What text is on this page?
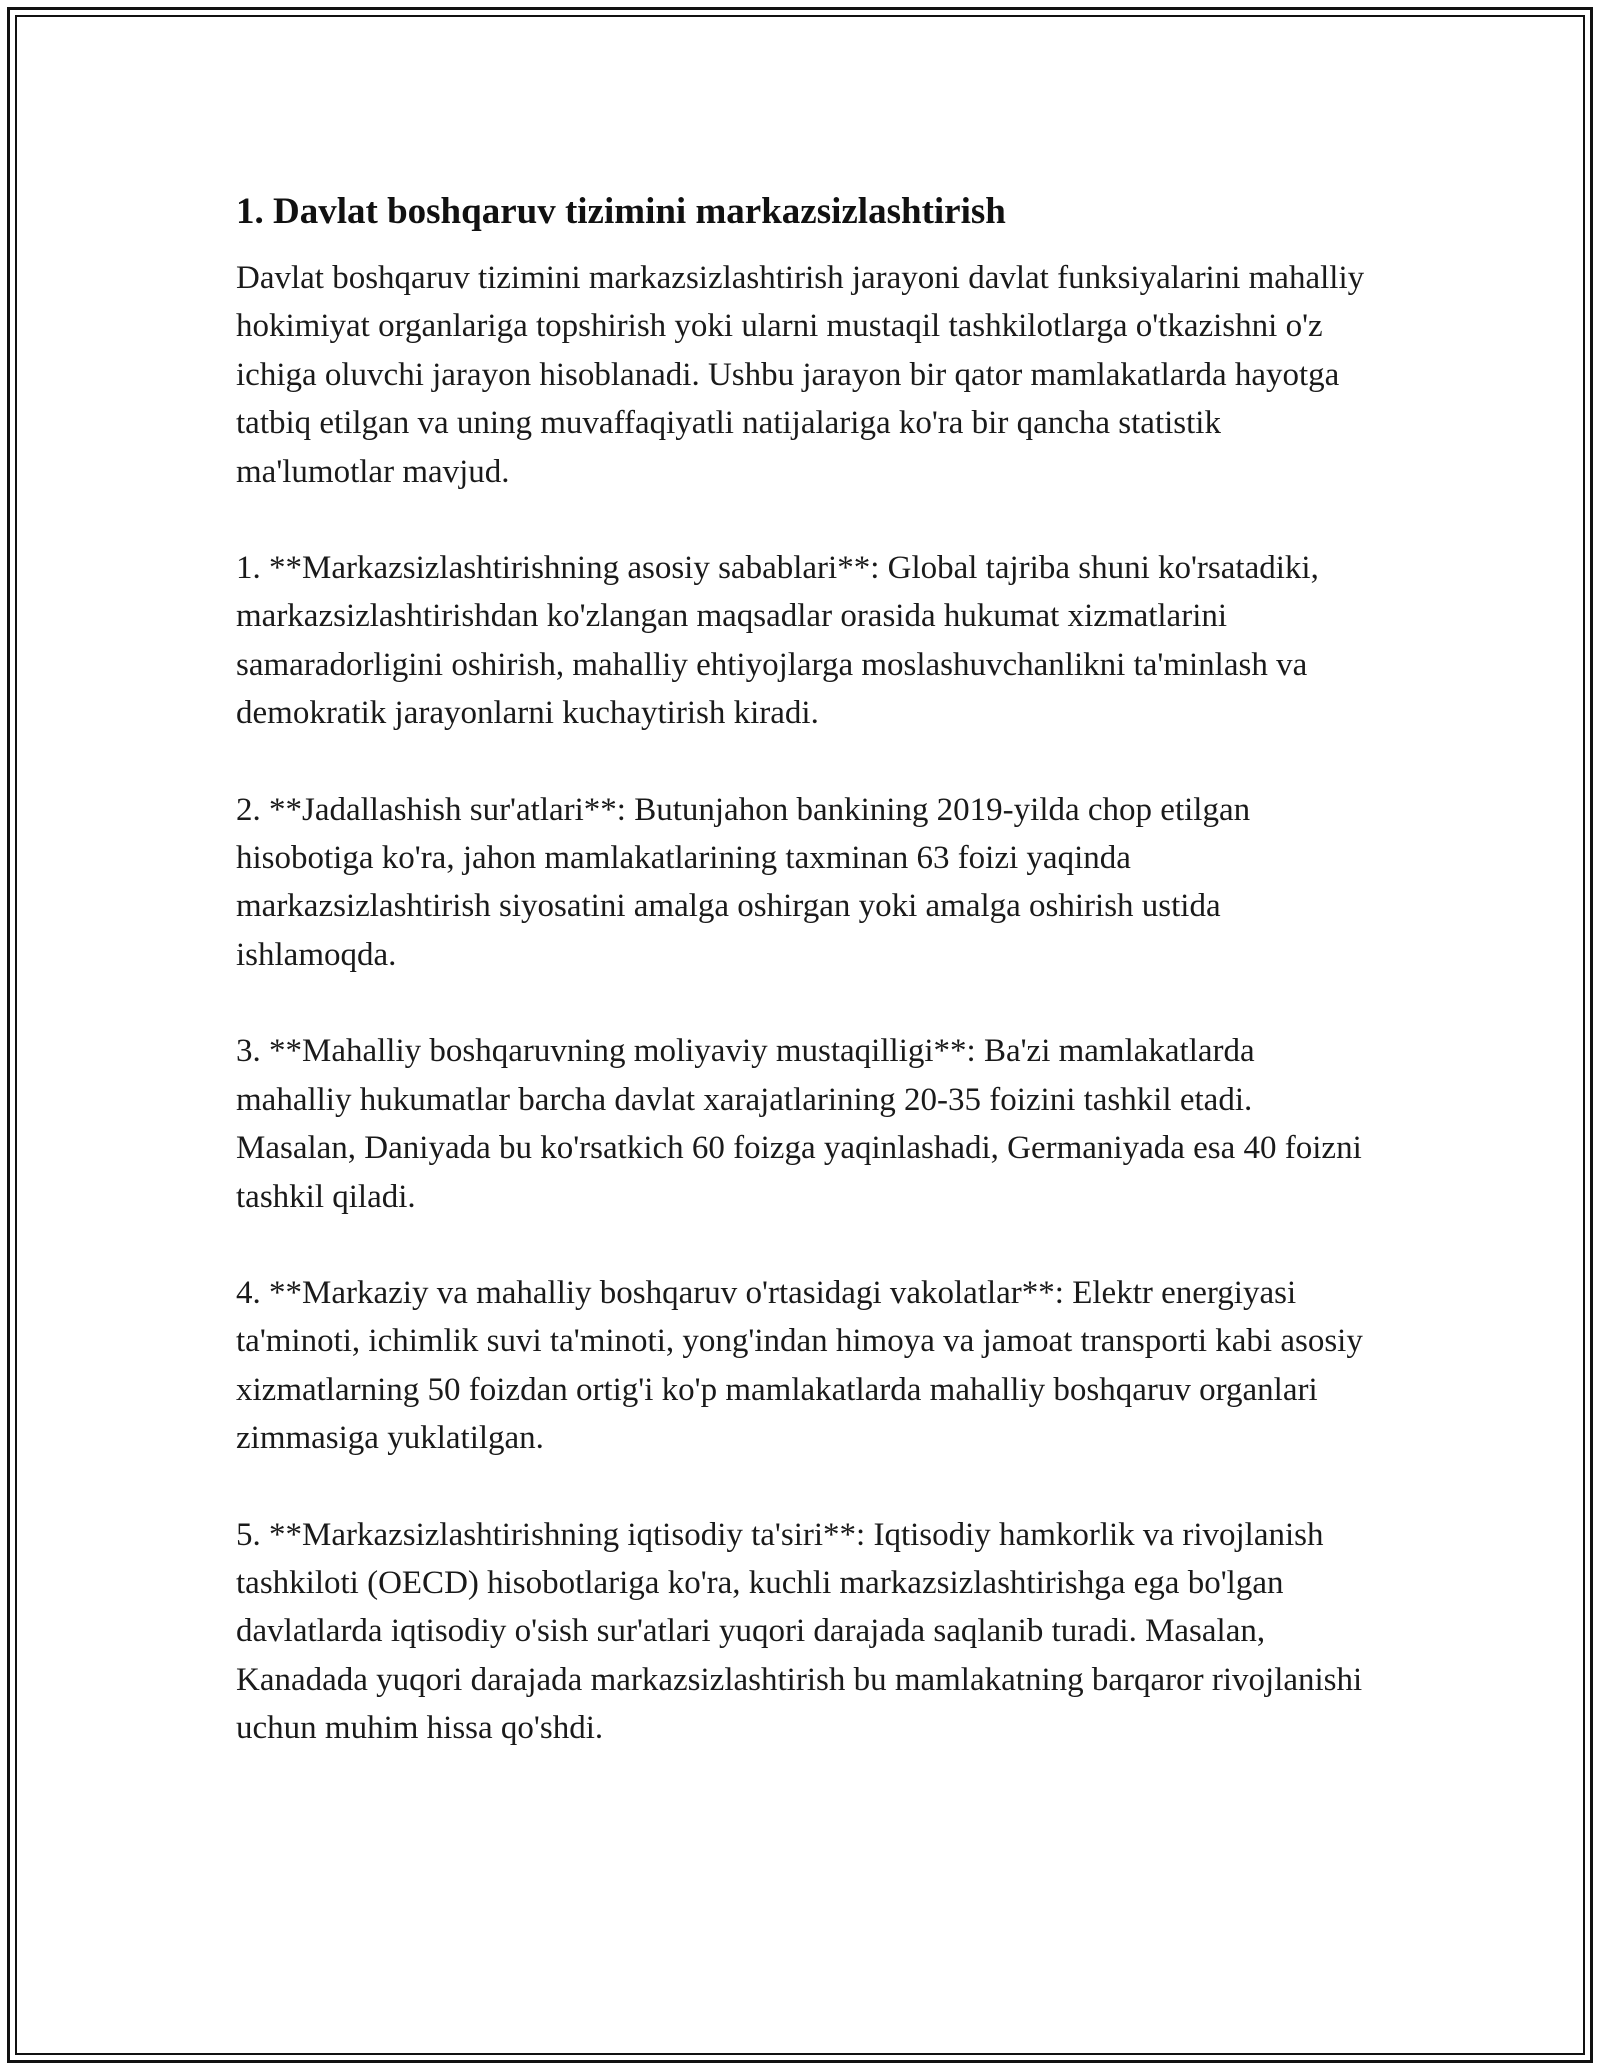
1. Davlat boshqaruv tizimini markazsizlashtirish

Davlat boshqaruv tizimini markazsizlashtirish jarayoni davlat funksiyalarini mahalliy hokimiyat organlariga topshirish yoki ularni mustaqil tashkilotlarga o'tkazishni o'z ichiga oluvchi jarayon hisoblanadi. Ushbu jarayon bir qator mamlakatlarda hayotga tatbiq etilgan va uning muvaffaqiyatli natijalariga ko'ra bir qancha statistik ma'lumotlar mavjud.

1. **Markazsizlashtirishning asosiy sabablari**: Global tajriba shuni ko'rsatadiki, markazsizlashtirishdan ko'zlangan maqsadlar orasida hukumat xizmatlarini samaradorligini oshirish, mahalliy ehtiyojlarga moslashuvchanlikni ta'minlash va demokratik jarayonlarni kuchaytirish kiradi.

2. **Jadallashish sur'atlari**: Butunjahon bankining 2019-yilda chop etilgan hisobotiga ko'ra, jahon mamlakatlarining taxminan 63 foizi yaqinda markazsizlashtirish siyosatini amalga oshirgan yoki amalga oshirish ustida ishlamoqda.

3. **Mahalliy boshqaruvning moliyaviy mustaqilligi**: Ba'zi mamlakatlarda mahalliy hukumatlar barcha davlat xarajatlarining 20-35 foizini tashkil etadi. Masalan, Daniyada bu ko'rsatkich 60 foizga yaqinlashadi, Germaniyada esa 40 foizni tashkil qiladi.

4. **Markaziy va mahalliy boshqaruv o'rtasidagi vakolatlar**: Elektr energiyasi ta'minoti, ichimlik suvi ta'minoti, yong'indan himoya va jamoat transporti kabi asosiy xizmatlarning 50 foizdan ortig'i ko'p mamlakatlarda mahalliy boshqaruv organlari zimmasiga yuklatilgan.

5. **Markazsizlashtirishning iqtisodiy ta'siri**: Iqtisodiy hamkorlik va rivojlanish tashkiloti (OECD) hisobotlariga ko'ra, kuchli markazsizlashtirishga ega bo'lgan davlatlarda iqtisodiy o'sish sur'atlari yuqori darajada saqlanib turadi. Masalan, Kanadada yuqori darajada markazsizlashtirish bu mamlakatning barqaror rivojlanishi uchun muhim hissa qo'shdi.
